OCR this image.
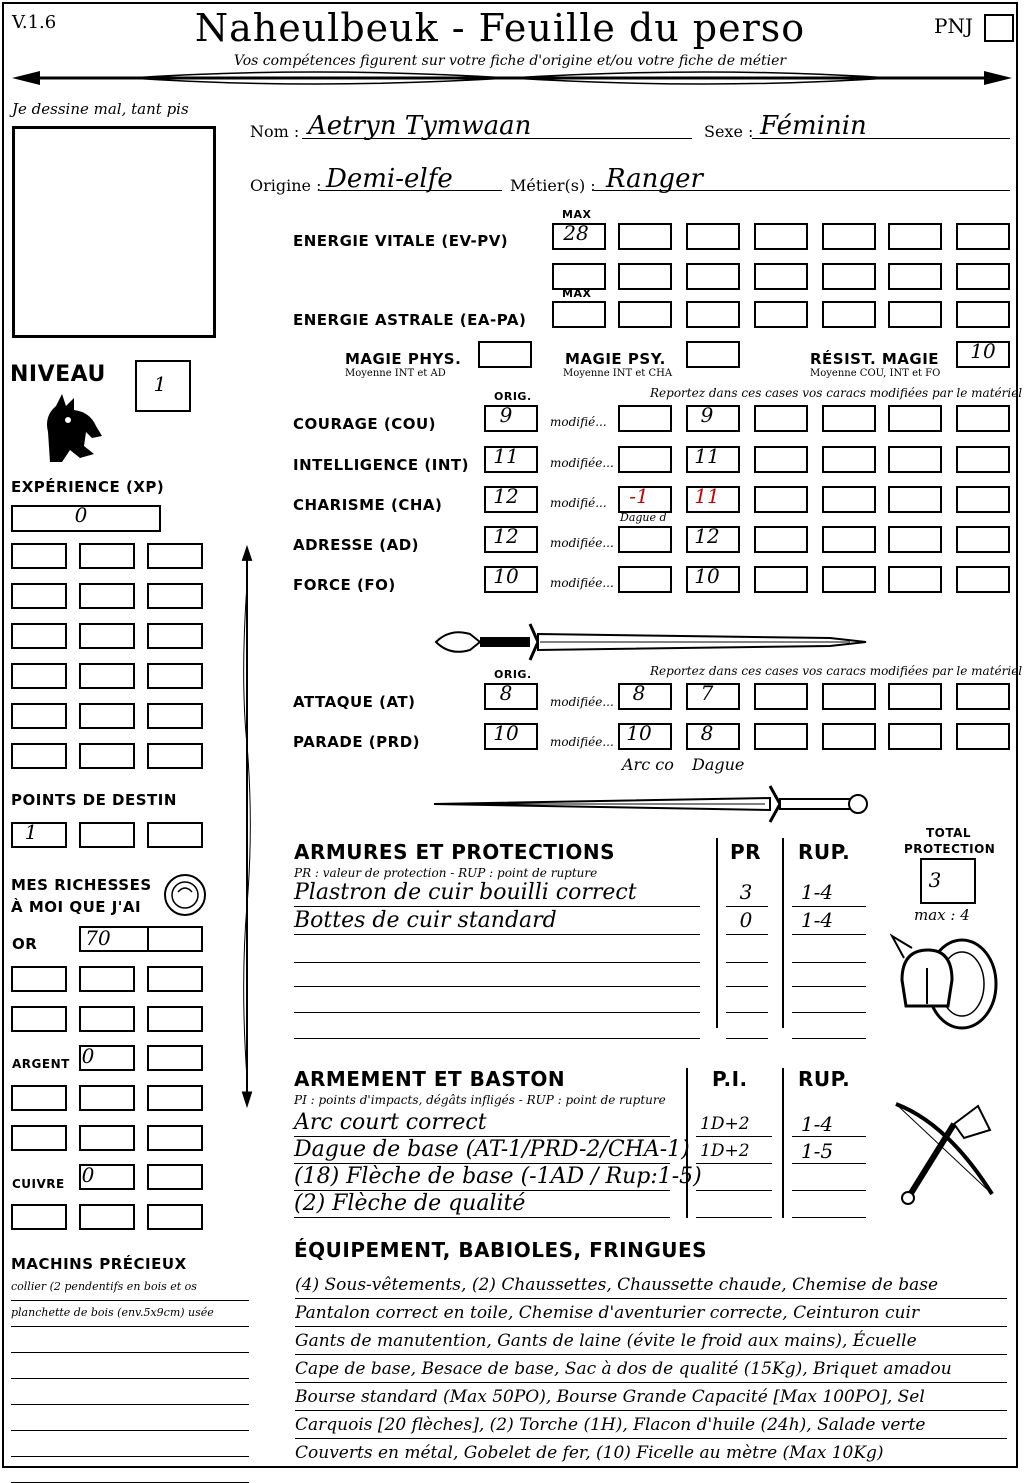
V.1.6	Naheulbeuk - Feuille du perso
Vos compétences figurent sur votre fiche d'origine et/ou votre fiche de métier
PNJ
Je dessine mal, tant pis
Nom : Aetryn Tymwaan	Sexe : Féminin
Origine : Demi-elfe	Métier(s) : Ranger
MAX
ENERGIE VITALE (EV-PV)
MAX
ENERGIE ASTRALE (EA-PA)
MAGIE PHYS.
Moyenne INT et AD
MAGIE PSY.
Moyenne INT et CHA
RÉSIST. MAGIE
Moyenne COU, INT et FO
10
NIVEAU	1
EXPÉRIENCE (XP)
0
POINTS DE DESTIN
1
MES RICHESSES
À MOI QUE J'AI
OR	70
ARGENT 0
CUIVRE 0
MACHINS PRÉCIEUX
ORIG.	Reportez dans ces cases vos caracs modifiées par le matériel
ORIG.	Reportez dans ces cases vos caracs modifiées par le matériel
Arc co Dague
ARMURES ET PROTECTIONS
PR : valeur de protection - RUP : point de rupture
PR RUP.
TOTAL
PROTECTION
3
max : 4
ARMEMENT ET BASTON
PI : points d'impacts, dégâts infligés - RUP : point de rupture
P.I.	RUP.
ÉQUIPEMENT, BABIOLES, FRINGUES
28
COURAGE (COU)	9	modifié...	9
INTELLIGENCE (INT)	11	modifiée...	11
CHARISME (CHA)	12	modifié...	-1	11
Dague d
ADRESSE (AD)	12	modifiée...	12
FORCE (FO)	10	modifiée...	10
ATTAQUE (AT)	8	modifiée... 8	7
PARADE (PRD)	10	modifiée... 10	8
collier (2 pendentifs en bois et os
planchette de bois (env.5x9cm) usée
Plastron de cuir bouilli correct	3	1-4
Bottes de cuir standard	0	1-4
Arc court correct	1D+2	1-4
Dague de base (AT-1/PRD-2/CHA-1) 1D+2	1-5
(18) Flèche de base (-1AD / Rup:1-5)
(2) Flèche de qualité
(4) Sous-vêtements, (2) Chaussettes, Chaussette chaude, Chemise de base
Pantalon correct en toile, Chemise d'aventurier correcte, Ceinturon cuir
Gants de manutention, Gants de laine (évite le froid aux mains), Écuelle
Cape de base, Besace de base, Sac à dos de qualité (15Kg), Briquet amadou
Bourse standard (Max 50PO), Bourse Grande Capacité [Max 100PO], Sel
Carquois [20 flèches], (2) Torche (1H), Flacon d'huile (24h), Salade verte
Couverts en métal, Gobelet de fer, (10) Ficelle au mètre (Max 10Kg)
